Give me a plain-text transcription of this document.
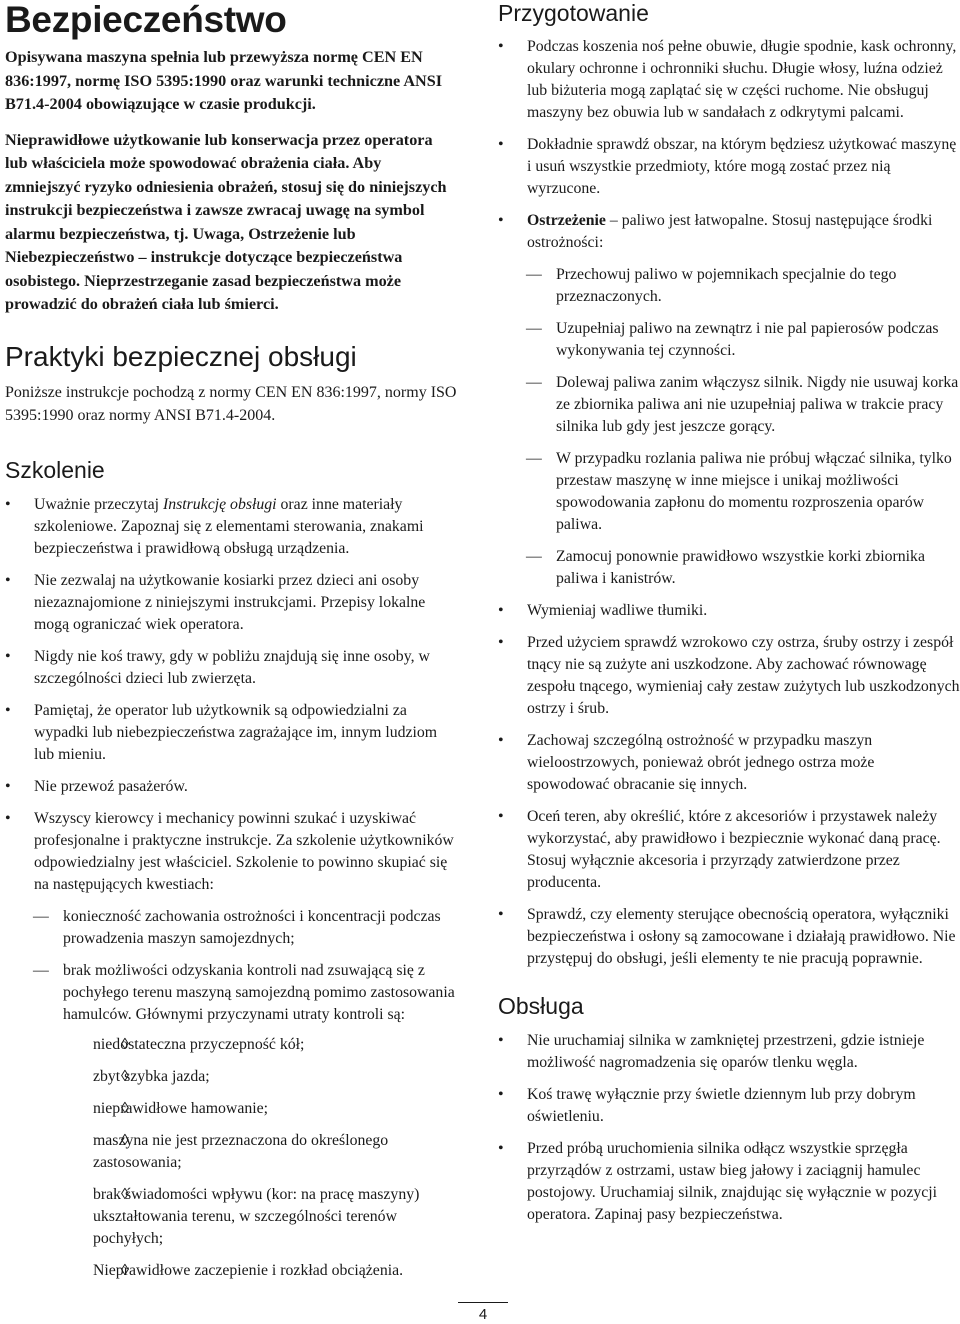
Bezpieczeństwo

Opisywana maszyna spełnia lub przewyższa normę CEN EN 836:1997, normę ISO 5395:1990 oraz warunki techniczne ANSI B71.4-2004 obowiązujące w czasie produkcji.

Nieprawidłowe użytkowanie lub konserwacja przez operatora lub właściciela może spowodować obrażenia ciała. Aby zmniejszyć ryzyko odniesienia obrażeń, stosuj się do niniejszych instrukcji bezpieczeństwa i zawsze zwracaj uwagę na symbol alarmu bezpieczeństwa, tj. Uwaga, Ostrzeżenie lub Niebezpieczeństwo – instrukcje dotyczące bezpieczeństwa osobistego. Nieprzestrzeganie zasad bezpieczeństwa może prowadzić do obrażeń ciała lub śmierci.

Praktyki bezpiecznej obsługi

Poniższe instrukcje pochodzą z normy CEN EN 836:1997, normy ISO 5395:1990 oraz normy ANSI B71.4-2004.

Szkolenie
• Uważnie przeczytaj Instrukcję obsługi oraz inne materiały szkoleniowe. Zapoznaj się z elementami sterowania, znakami bezpieczeństwa i prawidłową obsługą urządzenia.
• Nie zezwalaj na użytkowanie kosiarki przez dzieci ani osoby niezaznajomione z niniejszymi instrukcjami. Przepisy lokalne mogą ograniczać wiek operatora.
• Nigdy nie koś trawy, gdy w pobliżu znajdują się inne osoby, w szczególności dzieci lub zwierzęta.
• Pamiętaj, że operator lub użytkownik są odpowiedzialni za wypadki lub niebezpieczeństwa zagrażające im, innym ludziom lub mieniu.
• Nie przewoź pasażerów.
• Wszyscy kierowcy i mechanicy powinni szukać i uzyskiwać profesjonalne i praktyczne instrukcje. Za szkolenie użytkowników odpowiedzialny jest właściciel. Szkolenie to powinno skupiać się na następujących kwestiach:
— konieczność zachowania ostrożności i koncentracji podczas prowadzenia maszyn samojezdnych;
— brak możliwości odzyskania kontroli nad zsuwającą się z pochyłego terenu maszyną samojezdną pomimo zastosowania hamulców. Głównymi przyczynami utraty kontroli są:
◊ niedostateczna przyczepność kół;
◊ zbyt szybka jazda;
◊ nieprawidłowe hamowanie;
◊ maszyna nie jest przeznaczona do określonego zastosowania;
◊ brak świadomości wpływu (kor: na pracę maszyny) ukształtowania terenu, w szczególności terenów pochyłych;
◊ Nieprawidłowe zaczepienie i rozkład obciążenia.
Przygotowanie
• Podczas koszenia noś pełne obuwie, długie spodnie, kask ochronny, okulary ochronne i ochronniki słuchu. Długie włosy, luźna odzież lub biżuteria mogą zaplątać się w części ruchome. Nie obsługuj maszyny bez obuwia lub w sandałach z odkrytymi palcami.
• Dokładnie sprawdź obszar, na którym będziesz użytkować maszynę i usuń wszystkie przedmioty, które mogą zostać przez nią wyrzucone.
• Ostrzeżenie – paliwo jest łatwopalne. Stosuj następujące środki ostrożności:
— Przechowuj paliwo w pojemnikach specjalnie do tego przeznaczonych.
— Uzupełniaj paliwo na zewnątrz i nie pal papierosów podczas wykonywania tej czynności.
— Dolewaj paliwa zanim włączysz silnik. Nigdy nie usuwaj korka ze zbiornika paliwa ani nie uzupełniaj paliwa w trakcie pracy silnika lub gdy jest jeszcze gorący.
— W przypadku rozlania paliwa nie próbuj włączać silnika, tylko przestaw maszynę w inne miejsce i unikaj możliwości spowodowania zapłonu do momentu rozproszenia oparów paliwa.
— Zamocuj ponownie prawidłowo wszystkie korki zbiornika paliwa i kanistrów.
• Wymieniaj wadliwe tłumiki.
• Przed użyciem sprawdź wzrokowo czy ostrza, śruby ostrzy i zespół tnący nie są zużyte ani uszkodzone. Aby zachować równowagę zespołu tnącego, wymieniaj cały zestaw zużytych lub uszkodzonych ostrzy i śrub.
• Zachowaj szczególną ostrożność w przypadku maszyn wieloostrzowych, ponieważ obrót jednego ostrza może spowodować obracanie się innych.
• Oceń teren, aby określić, które z akcesoriów i przystawek należy wykorzystać, aby prawidłowo i bezpiecznie wykonać daną pracę. Stosuj wyłącznie akcesoria i przyrządy zatwierdzone przez producenta.
• Sprawdź, czy elementy sterujące obecnością operatora, wyłączniki bezpieczeństwa i osłony są zamocowane i działają prawidłowo. Nie przystępuj do obsługi, jeśli elementy te nie pracują poprawnie.
Obsługa
• Nie uruchamiaj silnika w zamkniętej przestrzeni, gdzie istnieje możliwość nagromadzenia się oparów tlenku węgla.
• Koś trawę wyłącznie przy świetle dziennym lub przy dobrym oświetleniu.
• Przed próbą uruchomienia silnika odłącz wszystkie sprzęgła przyrządów z ostrzami, ustaw bieg jałowy i zaciągnij hamulec postojowy. Uruchamiaj silnik, znajdując się wyłącznie w pozycji operatora. Zapinaj pasy bezpieczeństwa.
4
